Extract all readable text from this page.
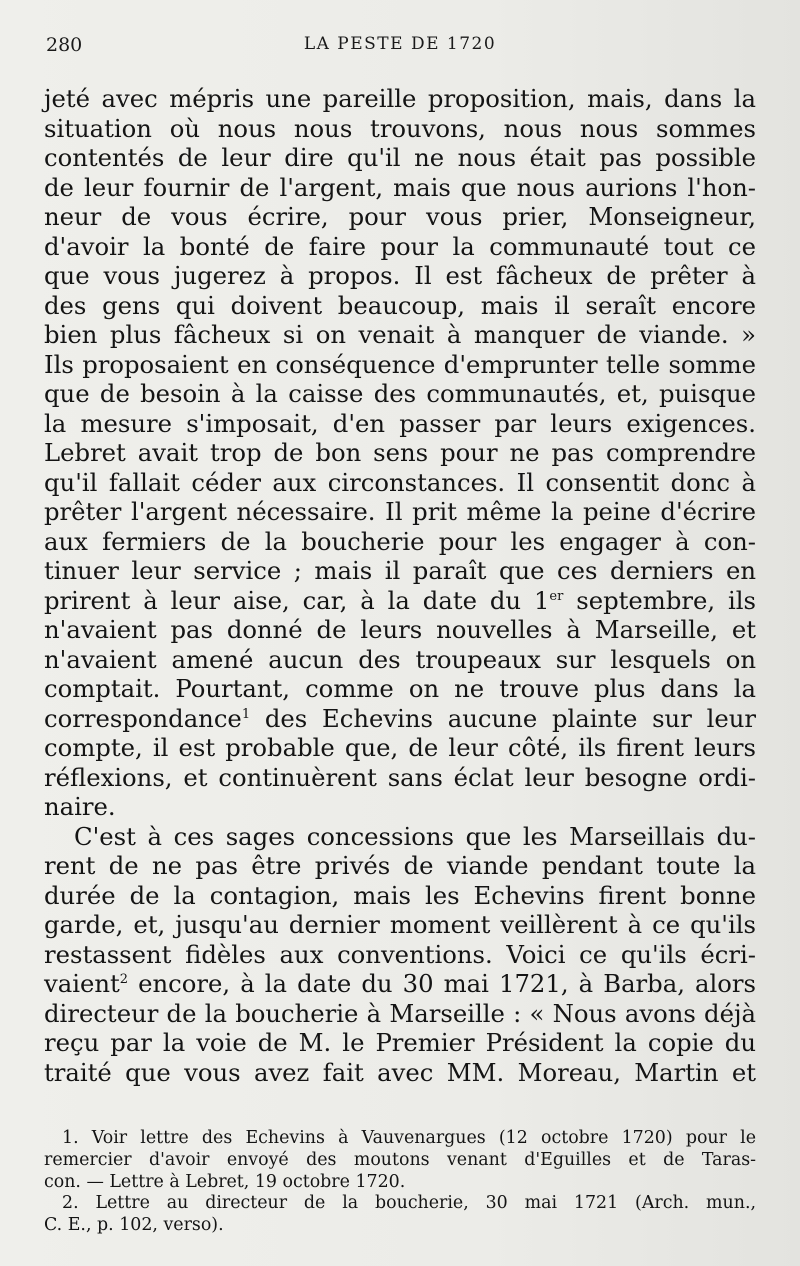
280	LA PESTE DE 1720
jeté avec mépris une pareille proposition, mais, dans la
situation où nous nous trouvons, nous nous sommes
contentés de leur dire qu'il ne nous était pas possible
de leur fournir de l'argent, mais que nous aurions l'hon-
neur de vous écrire, pour vous prier, Monseigneur,
d'avoir la bonté de faire pour la communauté tout ce
que vous jugerez à propos. Il est fâcheux de prêter à
des gens qui doivent beaucoup, mais il seraît encore
bien plus fâcheux si on venait à manquer de viande. »
Ils proposaient en conséquence d'emprunter telle somme
que de besoin à la caisse des communautés, et, puisque
la mesure s'imposait, d'en passer par leurs exigences.
Lebret avait trop de bon sens pour ne pas comprendre
qu'il fallait céder aux circonstances. Il consentit donc à
prêter l'argent nécessaire. Il prit même la peine d'écrire
aux fermiers de la boucherie pour les engager à con-
tinuer leur service ; mais il paraît que ces derniers en
prirent à leur aise, car, à la date du 1er septembre, ils
n'avaient pas donné de leurs nouvelles à Marseille, et
n'avaient amené aucun des troupeaux sur lesquels on
comptait. Pourtant, comme on ne trouve plus dans la
correspondance$^1$ des Echevins aucune plainte sur leur
compte, il est probable que, de leur côté, ils firent leurs
réflexions, et continuèrent sans éclat leur besogne ordi-
naire.
C'est à ces sages concessions que les Marseillais du-
rent de ne pas être privés de viande pendant toute la
durée de la contagion, mais les Echevins firent bonne
garde, et, jusqu'au dernier moment veillèrent à ce qu'ils
restassent fidèles aux conventions. Voici ce qu'ils écri-
vaient$^2$ encore, à la date du 30 mai 1721, à Barba, alors
directeur de la boucherie à Marseille : « Nous avons déjà
reçu par la voie de M. le Premier Président la copie du
traité que vous avez fait avec MM. Moreau, Martin et
1. Voir lettre des Echevins à Vauvenargues (12 octobre 1720) pour le
remercier d'avoir envoyé des moutons venant d'Eguilles et de Taras-
con. — Lettre à Lebret, 19 octobre 1720.
2. Lettre au directeur de la boucherie, 30 mai 1721 (Arch. mun.,
C. E., p. 102, verso).
